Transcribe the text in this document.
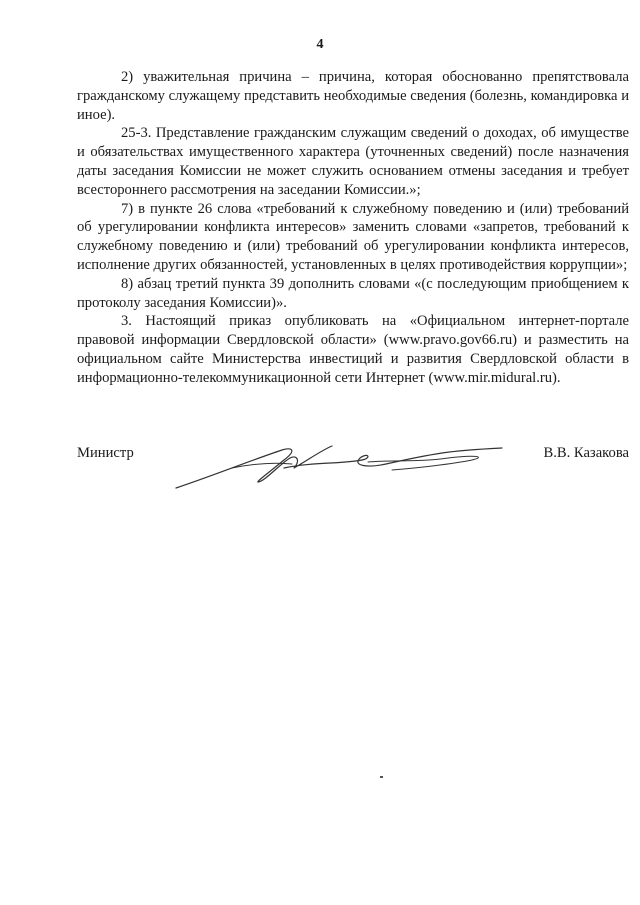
4

2) уважительная причина – причина, которая обоснованно препятствовала гражданскому служащему представить необходимые сведения (болезнь, командировка и иное).

25-3. Представление гражданским служащим сведений о доходах, об имуществе и обязательствах имущественного характера (уточненных сведений) после назначения даты заседания Комиссии не может служить основанием отмены заседания и требует всестороннего рассмотрения на заседании Комиссии.»;

7) в пункте 26 слова «требований к служебному поведению и (или) требований об урегулировании конфликта интересов» заменить словами «запретов, требований к служебному поведению и (или) требований об урегулировании конфликта интересов, исполнение других обязанностей, установленных в целях противодействия коррупции»;

8) абзац третий пункта 39 дополнить словами «(с последующим приобщением к протоколу заседания Комиссии)».

3. Настоящий приказ опубликовать на «Официальном интернет-портале правовой информации Свердловской области» (www.pravo.gov66.ru) и разместить на официальном сайте Министерства инвестиций и развития Свердловской области в информационно-телекоммуникационной сети Интернет (www.mir.midural.ru).

Министр	В.В. Казакова
